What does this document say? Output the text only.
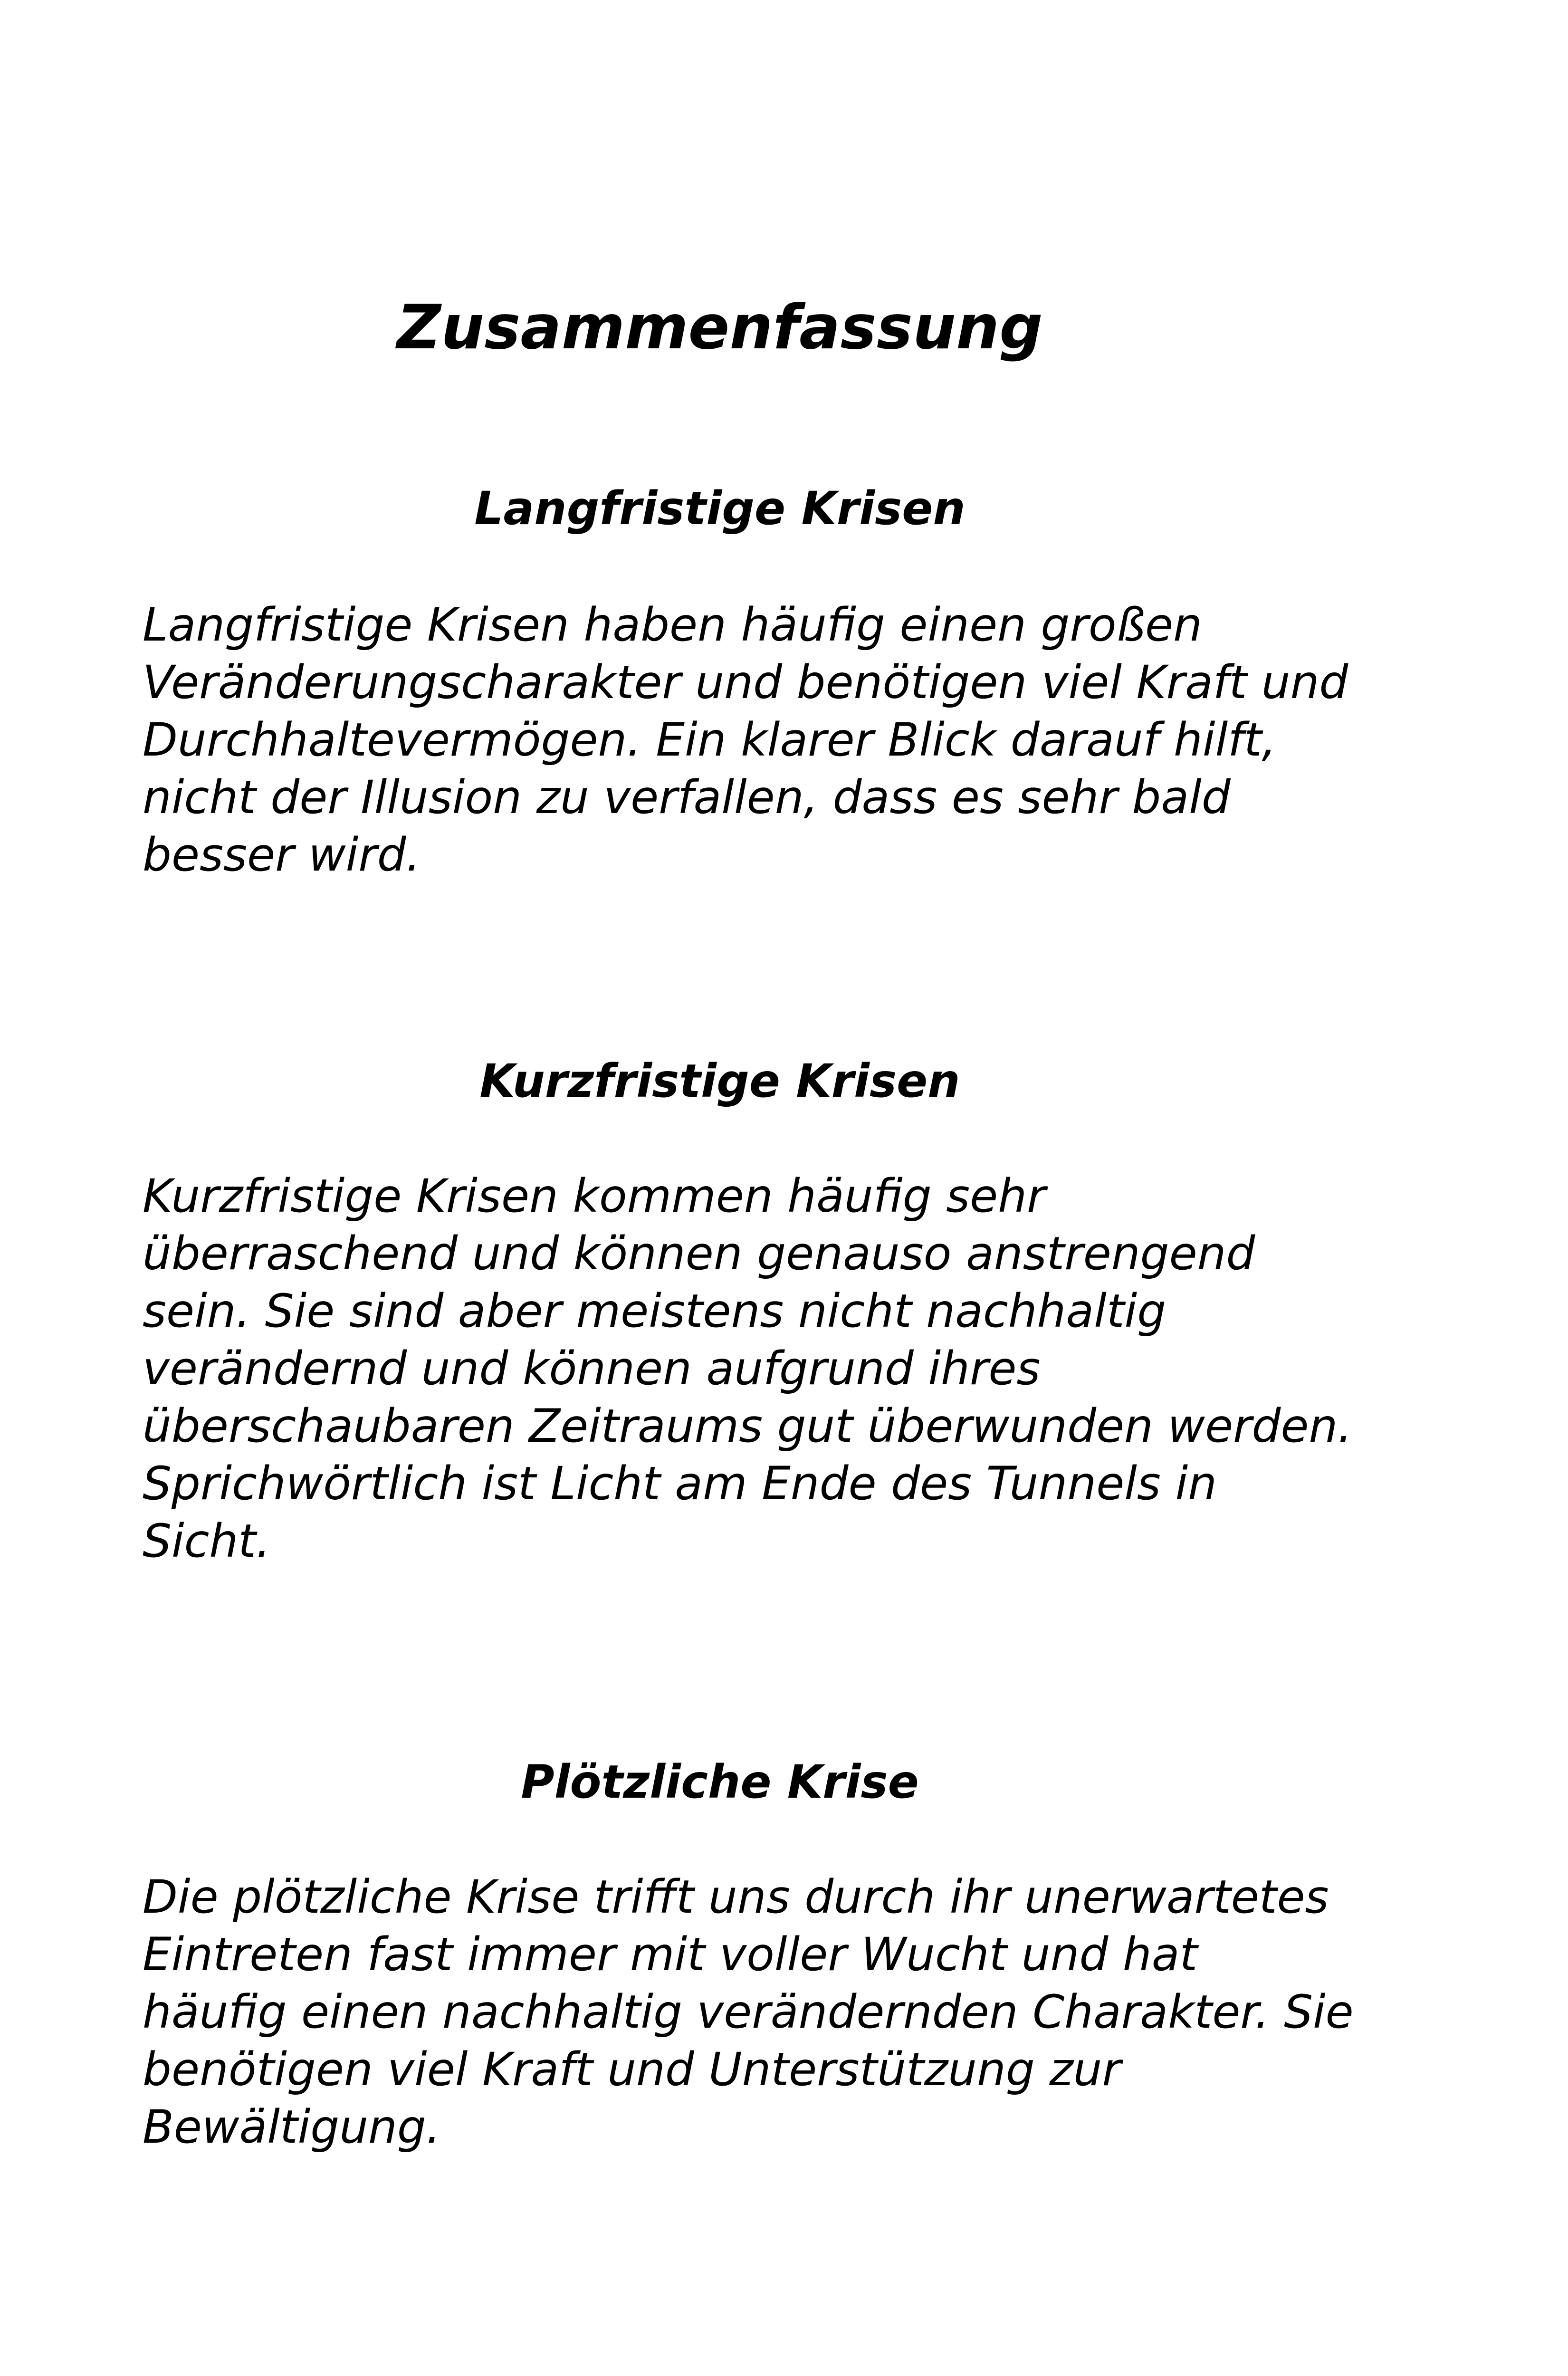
Zusammenfassung
Langfristige Krisen

Langfristige Krisen haben häufig einen großen Veränderungscharakter und benötigen viel Kraft und Durchhaltevermögen. Ein klarer Blick darauf hilft, nicht der Illusion zu verfallen, dass es sehr bald besser wird.

Kurzfristige Krisen

Kurzfristige Krisen kommen häufig sehr überraschend und können genauso anstrengend sein. Sie sind aber meistens nicht nachhaltig verändernd und können aufgrund ihres überschaubaren Zeitraums gut überwunden werden. Sprichwörtlich ist Licht am Ende des Tunnels in Sicht.

Plötzliche Krise

Die plötzliche Krise trifft uns durch ihr unerwartetes Eintreten fast immer mit voller Wucht und hat häufig einen nachhaltig verändernden Charakter. Sie benötigen viel Kraft und Unterstützung zur Bewältigung.
